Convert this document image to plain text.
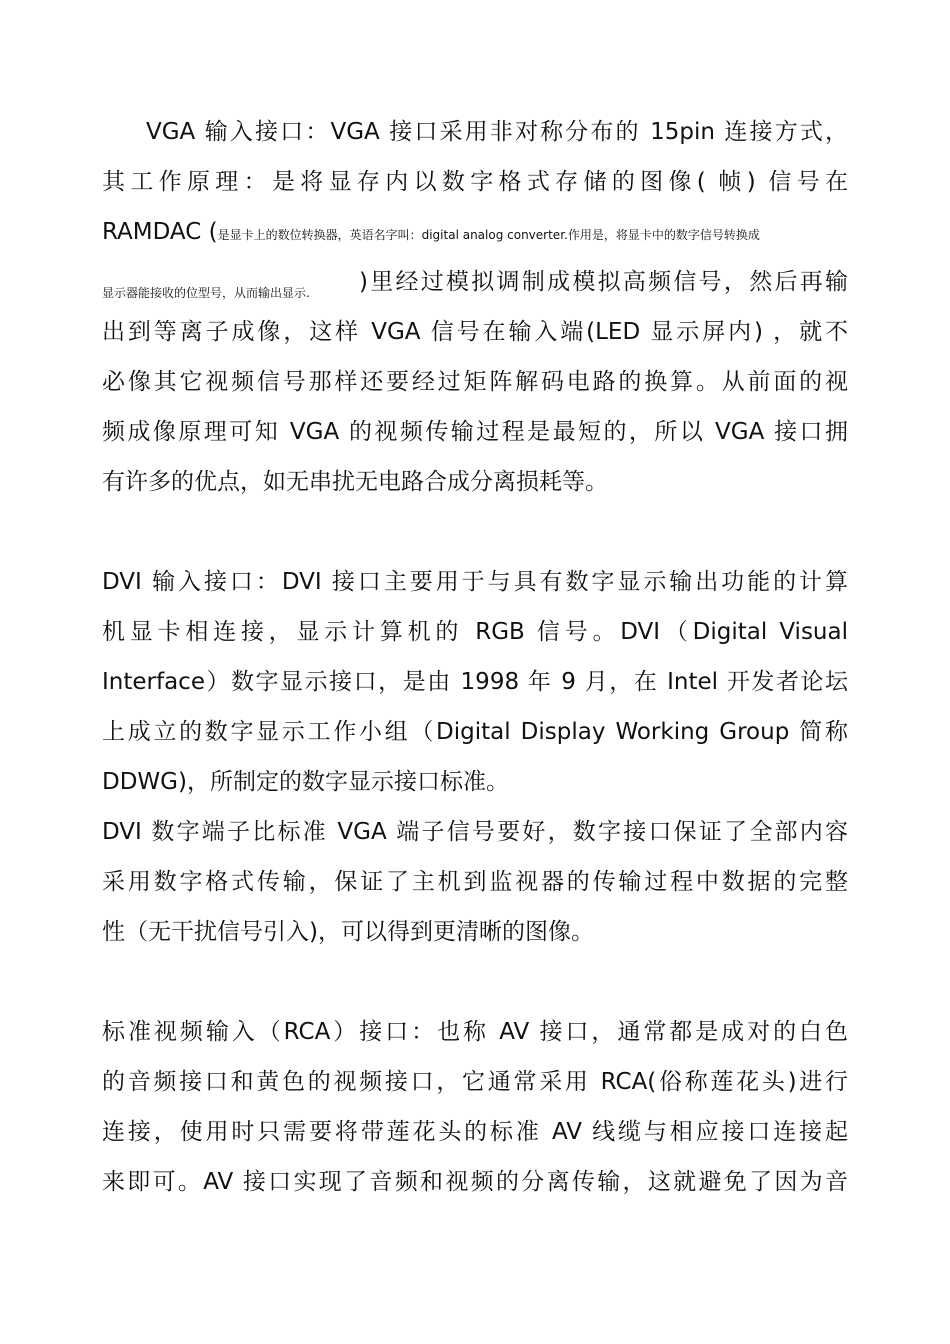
VGA 输入接口：VGA 接口采用非对称分布的 15pin 连接方式，
其工作原理：是将显存内以数字格式存储的图像( 帧) 信号在
RAMDAC (是显卡上的数位转换器，英语名字叫：digital analog converter.作用是，将显卡中的数字信号转换成
显示器能接收的位型号，从而输出显示. )里经过模拟调制成模拟高频信号，然后再输
出到等离子成像，这样 VGA 信号在输入端(LED 显示屏内) ，就不
必像其它视频信号那样还要经过矩阵解码电路的换算。从前面的视
频成像原理可知 VGA 的视频传输过程是最短的，所以 VGA 接口拥
有许多的优点，如无串扰无电路合成分离损耗等。
DVI 输入接口：DVI 接口主要用于与具有数字显示输出功能的计算
机显卡相连接，显示计算机的 RGB 信号。DVI（Digital Visual
Interface）数字显示接口，是由 1998 年 9 月，在 Intel 开发者论坛
上成立的数字显示工作小组（Digital Display Working Group 简称
DDWG)，所制定的数字显示接口标准。
DVI 数字端子比标准 VGA 端子信号要好，数字接口保证了全部内容
采用数字格式传输，保证了主机到监视器的传输过程中数据的完整
性（无干扰信号引入)，可以得到更清晰的图像。
标准视频输入（RCA）接口：也称 AV 接口，通常都是成对的白色
的音频接口和黄色的视频接口，它通常采用 RCA(俗称莲花头)进行
连接，使用时只需要将带莲花头的标准 AV 线缆与相应接口连接起
来即可。AV 接口实现了音频和视频的分离传输，这就避免了因为音
